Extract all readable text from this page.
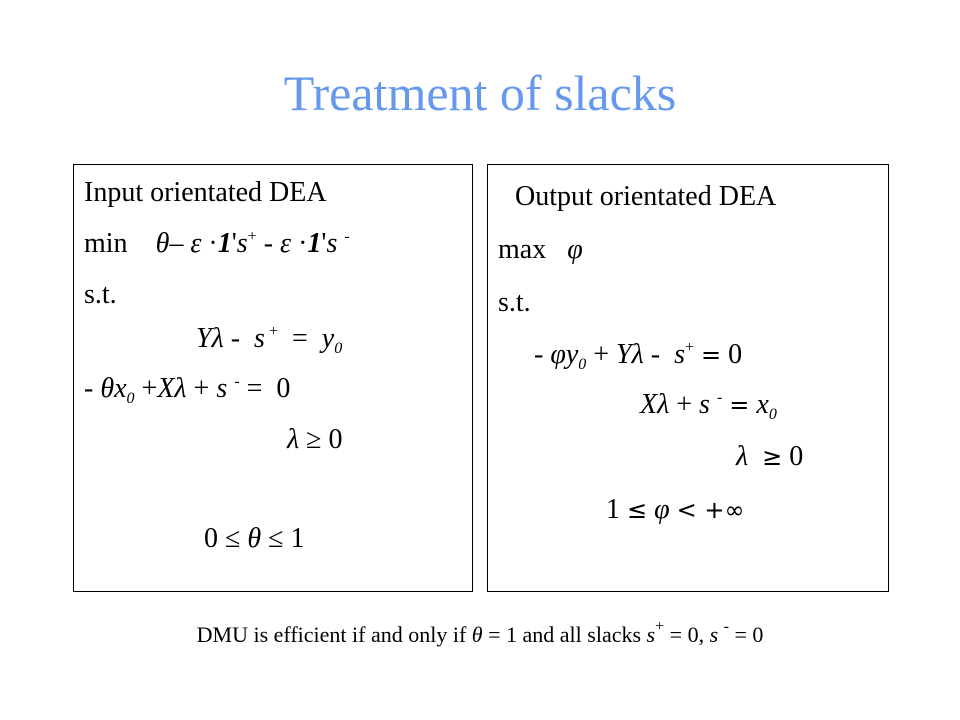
Treatment of slacks
Input orientated DEA
min θ– ε ·1's+ - ε ·1's -
s.t.
Yλ -  s $^+ = y_0$
- $\theta x_0 +X\lambda + s$ - =  0
λ ≥ 0
0 ≤ θ ≤ 1
Output orientated DEA
max φ
s.t.
- $\varphi y_0 + Y\lambda - s^+ = 0$
Xλ + s $^- = x_0$
λ ≥ 0
1 ≤ φ < +∞
DMU is efficient if and only if θ = 1 and all slacks s+ = 0, s - = 0
